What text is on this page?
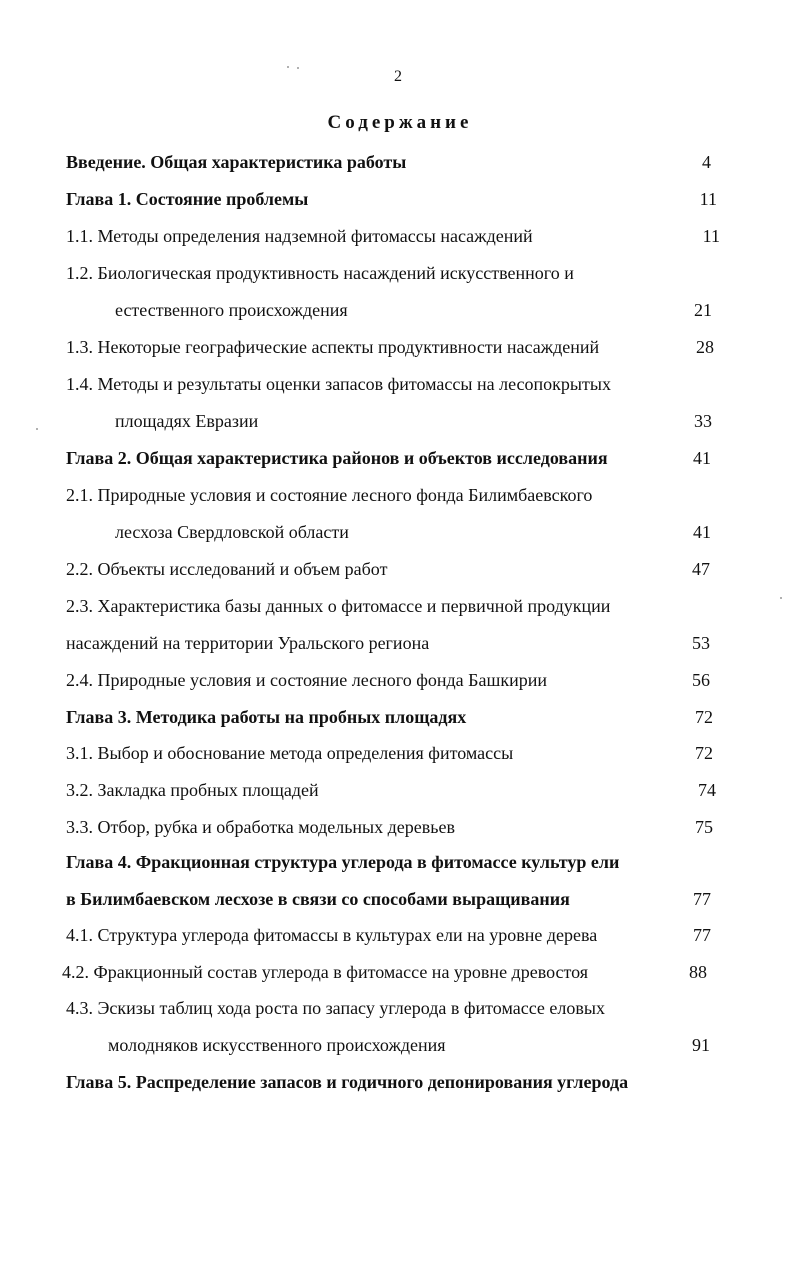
2
Содержание
Введение. Общая характеристика работы	4
Глава 1. Состояние проблемы	11
1.1. Методы определения надземной фитомассы насаждений	11
1.2. Биологическая продуктивность насаждений искусственного и
естественного происхождения	21
1.3. Некоторые географические аспекты продуктивности насаждений	28
1.4. Методы и результаты оценки запасов фитомассы на лесопокрытых
площадях Евразии	33
Глава 2. Общая характеристика районов и объектов исследования	41
2.1. Природные условия и состояние лесного фонда Билимбаевского
лесхоза Свердловской области	41
2.2. Объекты исследований и объем работ	47
2.3. Характеристика базы данных о фитомассе и первичной продукции
насаждений на территории Уральского региона	53
2.4. Природные условия и состояние лесного фонда Башкирии	56
Глава 3. Методика работы на пробных площадях	72
3.1. Выбор и обоснование метода определения фитомассы	72
3.2. Закладка пробных площадей	74
3.3. Отбор, рубка и обработка модельных деревьев	75
Глава 4. Фракционная структура углерода в фитомассе культур ели
в Билимбаевском лесхозе в связи со способами выращивания	77
4.1. Структура углерода фитомассы в культурах ели на уровне дерева	77
4.2. Фракционный состав углерода в фитомассе на уровне древостоя	88
4.3. Эскизы таблиц хода роста по запасу углерода в фитомассе еловых
молодняков искусственного происхождения	91
Глава 5. Распределение запасов и годичного депонирования углерода
